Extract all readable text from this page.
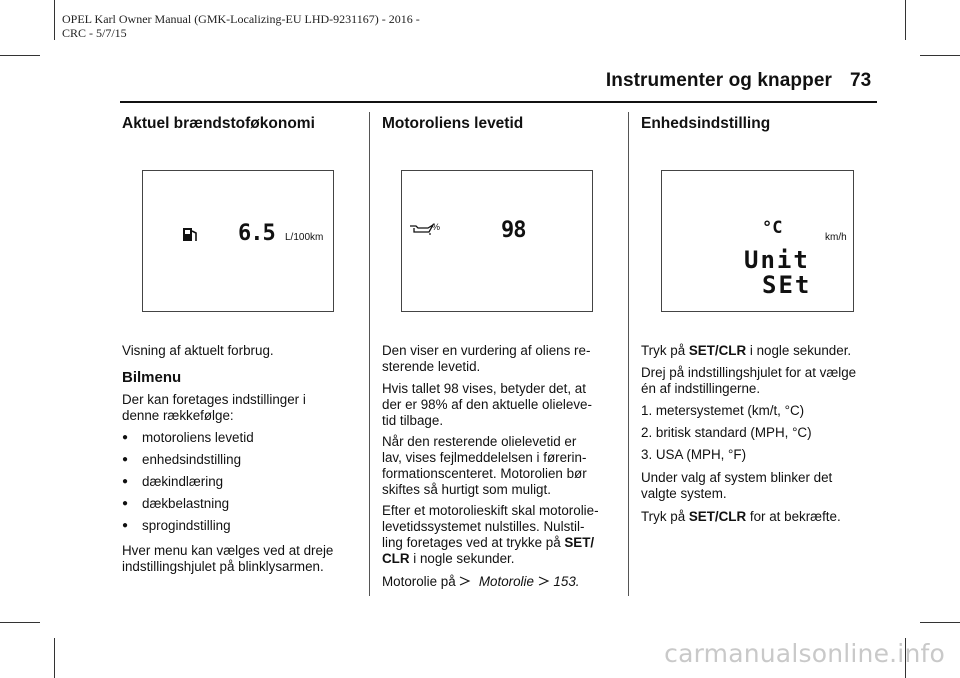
OPEL Karl Owner Manual (GMK-Localizing-EU LHD-9231167) - 2016 -
CRC - 5/7/15
Instrumenter og knapper 73
Aktuel brændstoføkonomi
6.5 L/100km

Visning af aktuelt forbrug.

Bilmenu

Der kan foretages indstillinger i
denne rækkefølge:

● motoroliens levetid
● enhedsindstilling
● dækindlæring
● dækbelastning
● sprogindstilling

Hver menu kan vælges ved at dreje
indstillingshjulet på blinklysarmen.

Motoroliens levetid
%	98

Den viser en vurdering af oliens re-
sterende levetid.

Hvis tallet 98 vises, betyder det, at
der er 98% af den aktuelle olieleve-
tid tilbage.

Når den resterende olielevetid er
lav, vises fejlmeddelelsen i førerin-
formationscenteret. Motorolien bør
skiftes så hurtigt som muligt.

Efter et motorolieskift skal motorolie-
levetidssystemet nulstilles. Nulstil-
ling foretages ved at trykke på SET/
CLR i nogle sekunder.

Motorolie på   Motorolie 153.

Enhedsindstilling
°C	km/h
Unit
SEt

Tryk på SET/CLR i nogle sekunder.

Drej på indstillingshjulet for at vælge
én af indstillingerne.

1. metersystemet (km/t, °C)

2. britisk standard (MPH, °C)

3. USA (MPH, °F)

Under valg af system blinker det
valgte system.

Tryk på SET/CLR for at bekræfte.

carmanualsonline.info
